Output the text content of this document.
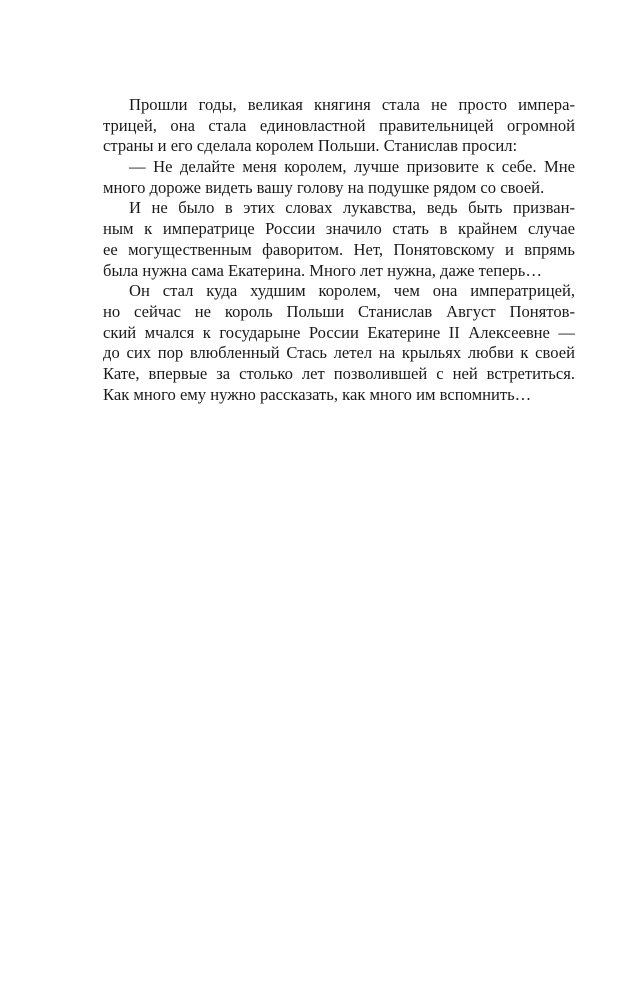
Прошли годы, великая княгиня стала не просто импера-
трицей, она стала единовластной правительницей огромной
страны и его сделала королем Польши. Станислав просил:
— Не делайте меня королем, лучше призовите к себе. Мне
много дороже видеть вашу голову на подушке рядом со своей.
И не было в этих словах лукавства, ведь быть призван-
ным к императрице России значило стать в крайнем случае
ее могущественным фаворитом. Нет, Понятовскому и впрямь
была нужна сама Екатерина. Много лет нужна, даже теперь…
Он стал куда худшим королем, чем она императрицей,
но сейчас не король Польши Станислав Август Понятов-
ский мчался к государыне России Екатерине II Алексеевне —
до сих пор влюбленный Стась летел на крыльях любви к своей
Кате, впервые за столько лет позволившей с ней встретиться.
Как много ему нужно рассказать, как много им вспомнить…
